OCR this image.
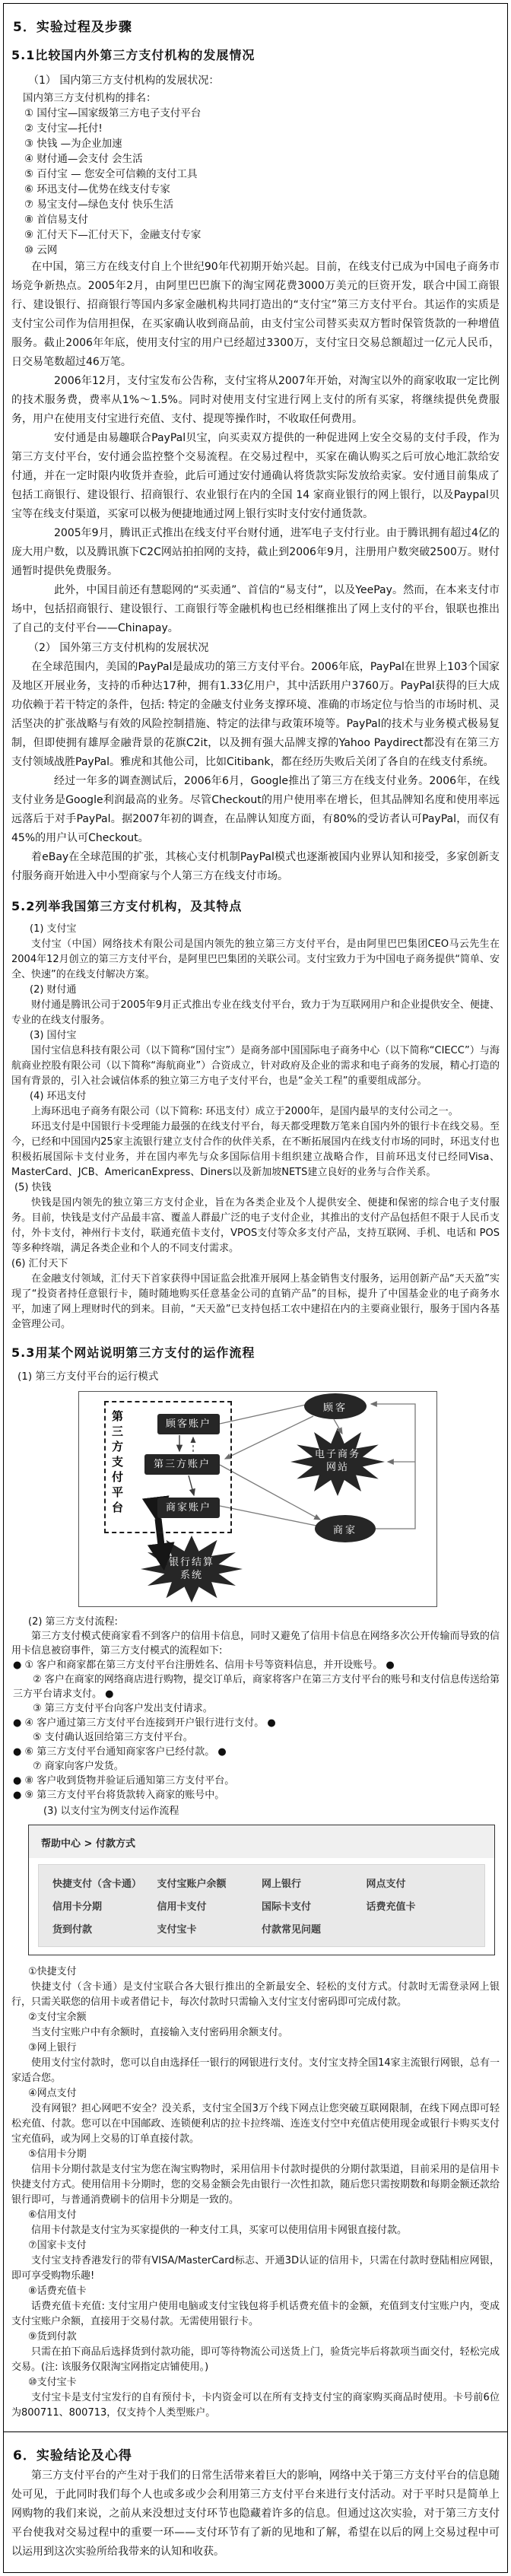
5．实验过程及步骤
5.1比较国内外第三方支付机构的发展情况

（1） 国内第三方支付机构的发展状况：

国内第三方支付机构的排名：

① 国付宝—国家级第三方电子支付平台

② 支付宝—托付!

③ 快钱 —为企业加速

④ 财付通—会支付 会生活

⑤ 百付宝 — 您安全可信赖的支付工具

⑥ 环迅支付—优势在线支付专家

⑦ 易宝支付—绿色支付 快乐生活

⑧ 首信易支付

⑨ 汇付天下—汇付天下，金融支付专家

⑩ 云网

在中国，第三方在线支付自上个世纪90年代初期开始兴起。目前，在线支付已成为中国电子商务市场竞争新热点。2005年2月，由阿里巴巴旗下的淘宝网花费3000万美元的巨资开发，联合中国工商银行、建设银行、招商银行等国内多家金融机构共同打造出的“支付宝”第三方支付平台。其运作的实质是支付宝公司作为信用担保，在买家确认收到商品前，由支付宝公司替买卖双方暂时保管货款的一种增值服务。截止2006年年底，使用支付宝的用户已经超过3300万，支付宝日交易总额超过一亿元人民币，日交易笔数超过46万笔。

2006年12月，支付宝发布公告称，支付宝将从2007年开始，对淘宝以外的商家收取一定比例的技术服务费，费率从1%～1.5%。同时对使用支付宝进行网上支付的所有买家，将继续提供免费服务，用户在使用支付宝进行充值、支付、提现等操作时，不收取任何费用。

安付通是由易趣联合PayPal贝宝，向买卖双方提供的一种促进网上安全交易的支付手段，作为第三方支付平台，安付通会监控整个交易流程。在交易过程中，买家在确认购买之后可放心地汇款给安付通，并在一定时限内收货并查验，此后可通过安付通确认将货款实际发放给卖家。安付通目前集成了包括工商银行、建设银行、招商银行、农业银行在内的全国 14 家商业银行的网上银行，以及Paypal贝宝等在线支付渠道，买家可以极为便捷地通过网上银行实时支付安付通货款。

2005年9月，腾讯正式推出在线支付平台财付通，进军电子支付行业。由于腾讯拥有超过4亿的庞大用户数，以及腾讯旗下C2C网站拍拍网的支持，截止到2006年9月，注册用户数突破2500万。财付通暂时提供免费服务。

此外，中国目前还有慧聪网的“买卖通”、首信的“易支付”，以及YeePay。然而，在本来支付市场中，包括招商银行、建设银行、工商银行等金融机构也已经相继推出了网上支付的平台，银联也推出了自己的支付平台——Chinapay。

（2） 国外第三方支付机构的发展状况

在全球范围内，美国的PayPal是最成功的第三方支付平台。2006年底，PayPal在世界上103个国家及地区开展业务，支持的币种达17种，拥有1.33亿用户，其中活跃用户3760万。PayPal获得的巨大成功依赖于若干特定的条件，包括: 特定的金融支付业务支撑环境、准确的市场定位与恰当的市场时机、灵活坚决的扩张战略与有效的风险控制措施、特定的法律与政策环境等。PayPal的技术与业务模式极易复制，但即使拥有雄厚金融背景的花旗C2it，以及拥有强大品牌支撑的Yahoo Paydirect都没有在第三方支付领域战胜PayPal。雅虎和其他公司，比如Citibank，都在经历失败后关闭了各自的在线支付系统。

经过一年多的调查测试后，2006年6月，Google推出了第三方在线支付业务。2006年，在线支付业务是Google利润最高的业务。尽管Checkout的用户使用率在增长，但其品牌知名度和使用率远远落后于对手PayPal。据2007年初的调查，在品牌认知度方面，有80%的受访者认可PayPal，而仅有45%的用户认可Checkout。

着eBay在全球范围的扩张，其核心支付机制PayPal模式也逐渐被国内业界认知和接受，多家创新支付服务商开始进入中小型商家与个人第三方在线支付市场。

5.2列举我国第三方支付机构，及其特点

(1) 支付宝

支付宝（中国）网络技术有限公司是国内领先的独立第三方支付平台，是由阿里巴巴集团CEO马云先生在2004年12月创立的第三方支付平台，是阿里巴巴集团的关联公司。支付宝致力于为中国电子商务提供“简单、安全、快速”的在线支付解决方案。

(2) 财付通

财付通是腾讯公司于2005年9月正式推出专业在线支付平台，致力于为互联网用户和企业提供安全、便捷、专业的在线支付服务。

(3) 国付宝

国付宝信息科技有限公司（以下简称“国付宝”）是商务部中国国际电子商务中心（以下简称“CIECC”）与海航商业控股有限公司（以下简称“海航商业”）合资成立，针对政府及企业的需求和电子商务的发展，精心打造的国有背景的，引入社会诚信体系的独立第三方电子支付平台，也是“金关工程”的重要组成部分。

(4) 环迅支付

上海环迅电子商务有限公司（以下简称: 环迅支付）成立于2000年，是国内最早的支付公司之一。

环迅支付是中国银行卡受理能力最强的在线支付平台，每天都受理数万笔来自国内外的银行卡在线交易。至今，已经和中国国内25家主流银行建立支付合作的伙伴关系，在不断拓展国内在线支付市场的同时，环迅支付也积极拓展国际卡支付业务，并在国内率先与众多国际信用卡组织建立战略合作，目前环迅支付已经同Visa、MasterCard、JCB、AmericanExpress、Diners以及新加坡NETS建立良好的业务与合作关系。

(5) 快钱

快钱是国内领先的独立第三方支付企业，旨在为各类企业及个人提供安全、便捷和保密的综合电子支付服务。目前，快钱是支付产品最丰富、覆盖人群最广泛的电子支付企业，其推出的支付产品包括但不限于人民币支付，外卡支付，神州行卡支付，联通充值卡支付，VPOS支付等众多支付产品，支持互联网、手机、电话和 POS等多种终端，满足各类企业和个人的不同支付需求。

(6) 汇付天下

在金融支付领域，汇付天下首家获得中国证监会批准开展网上基金销售支付服务，运用创新产品“天天盈”实现了“投资者持任意银行卡，随时随地购买任意基金公司的直销产品”的目标，提升了中国基金业的电子商务水平，加速了网上理财时代的到来。目前，“天天盈”已支持包括工农中建招在内的主要商业银行，服务于国内各基金管理公司。

5.3用某个网站说明第三方支付的运作流程

(1) 第三方支付平台的运行模式

第三方支付平台	顾客账户
第三方账户
商家账户
顾客
商家
电子商务
网站
银行结算
系统

(2) 第三方支付流程:

第三方支付模式使商家看不到客户的信用卡信息，同时又避免了信用卡信息在网络多次公开传输而导致的信用卡信息被窃事件，第三方支付模式的流程如下:

● ① 客户和商家都在第三方支付平台注册姓名、信用卡号等资料信息，并开设账号。 ●

② 客户在商家的网络商店进行购物，提交订单后，商家将客户在第三方支付平台的账号和支付信息传送给第三方平台请求支付。 ●

③ 第三方支付平台向客户发出支付请求。

● ④ 客户通过第三方支付平台连接到开户银行进行支付。 ●

⑤ 支付确认返回给第三方支付平台。

● ⑥ 第三方支付平台通知商家客户已经付款。 ●

⑦ 商家向客户发货。

● ⑧ 客户收到货物并验证后通知第三方支付平台。

● ⑨ 第三方支付平台将货款转入商家的账号中。

(3) 以支付宝为例支付运作流程

帮助中心 > 付款方式
快捷支付（含卡通）	支付宝账户余额	网上银行	网点支付
信用卡分期	信用卡支付	国际卡支付	话费充值卡
货到付款	支付宝卡	付款常见问题

①快捷支付

快捷支付（含卡通）是支付宝联合各大银行推出的全新最安全、轻松的支付方式。付款时无需登录网上银行，只需关联您的信用卡或者借记卡，每次付款时只需输入支付宝支付密码即可完成付款。

②支付宝余额

当支付宝账户中有余额时，直接输入支付密码用余额支付。

③网上银行

使用支付宝付款时，您可以自由选择任一银行的网银进行支付。支付宝支持全国14家主流银行网银，总有一家适合您。

④网点支付

没有网银？担心网吧不安全？没关系，支付宝全国3万个线下网点让您突破互联网限制，在线下网点即可轻松充值、付款。您可以在中国邮政、连锁便利店的拉卡拉终端、连连支付空中充值店使用现金或银行卡购买支付宝充值码，或为网上交易的订单直接付款。

⑤信用卡分期

信用卡分期付款是支付宝为您在淘宝购物时，采用信用卡付款时提供的分期付款渠道，目前采用的是信用卡快捷支付方式。使用信用卡分期时，您的交易金额会先由银行一次性扣款，随后您只需按期数和每期金额还款给银行即可，与普通消费刷卡的信用卡分期是一致的。

⑥信用支付

信用卡付款是支付宝为买家提供的一种支付工具，买家可以使用信用卡网银直接付款。

⑦国家卡支付

支付宝支持香港发行的带有VISA/MasterCard标志、开通3D认证的信用卡，只需在付款时登陆相应网银，即可享受购物乐趣!

⑧话费充值卡

话费充值卡充值: 支付宝用户使用电脑或支付宝钱包将手机话费充值卡的金额，充值到支付宝账户内，变成支付宝账户余额，直接用于交易付款。无需使用银行卡。

⑨货到付款

只需在拍下商品后选择货到付款功能，即可等待物流公司送货上门，验货完毕后将款项当面交付，轻松完成交易。(注: 该服务仅限淘宝网指定店铺使用。)

⑩支付宝卡

支付宝卡是支付宝发行的自有预付卡，卡内资金可以在所有支持支付宝的商家购买商品时使用。卡号前6位为800711、800713，仅支持个人类型账户。

6．实验结论及心得

第三方支付平台的产生对于我们的日常生活带来着巨大的影响，网络中关于第三方支付平台的信息随处可见，于此同时我们每个人也或多或少会利用第三方支付平台来进行支付活动。对于平时只是简单上网购物的我们来说，之前从来没想过支付环节也隐藏着许多的信息。但通过这次实验，对于第三方支付平台使我对交易过程中的重要一环——支付环节有了新的见地和了解，希望在以后的网上交易过程中可以运用到这次实验所给我带来的认知和收获。
